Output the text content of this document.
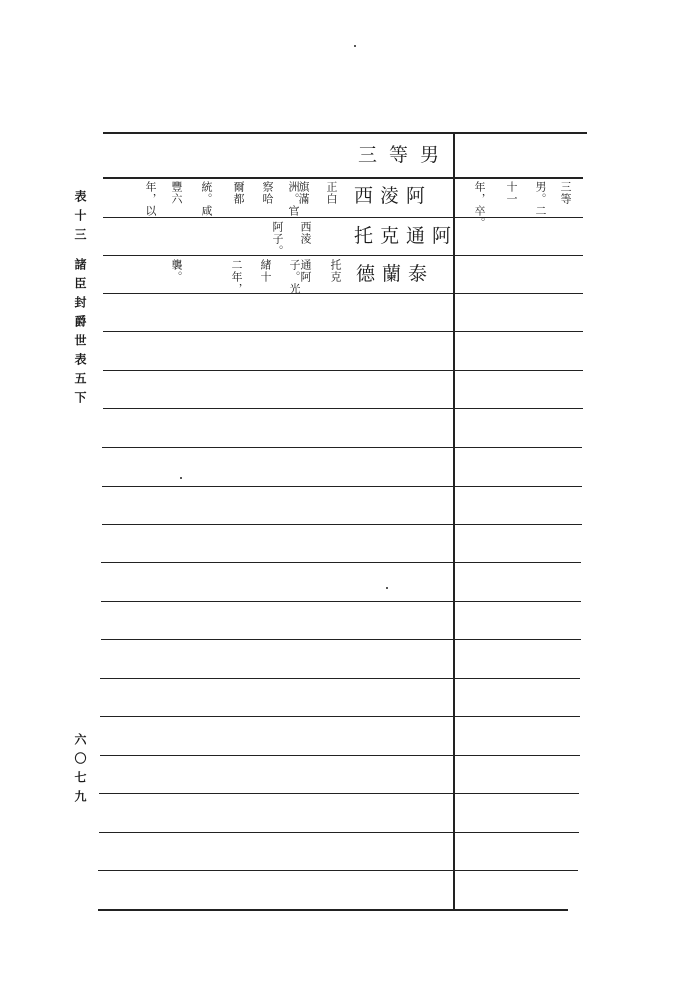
表十三 諸臣封爵世表五下
六〇七九
三等男
西淩阿
正白
旗滿
洲。官
察哈
爾都
統。咸
豐六
年，以
托克通阿
西淩
阿子。
德蘭泰
托克
通阿
子。光
緒十
二年，
襲。
三等
男。二
十一
年，卒。
